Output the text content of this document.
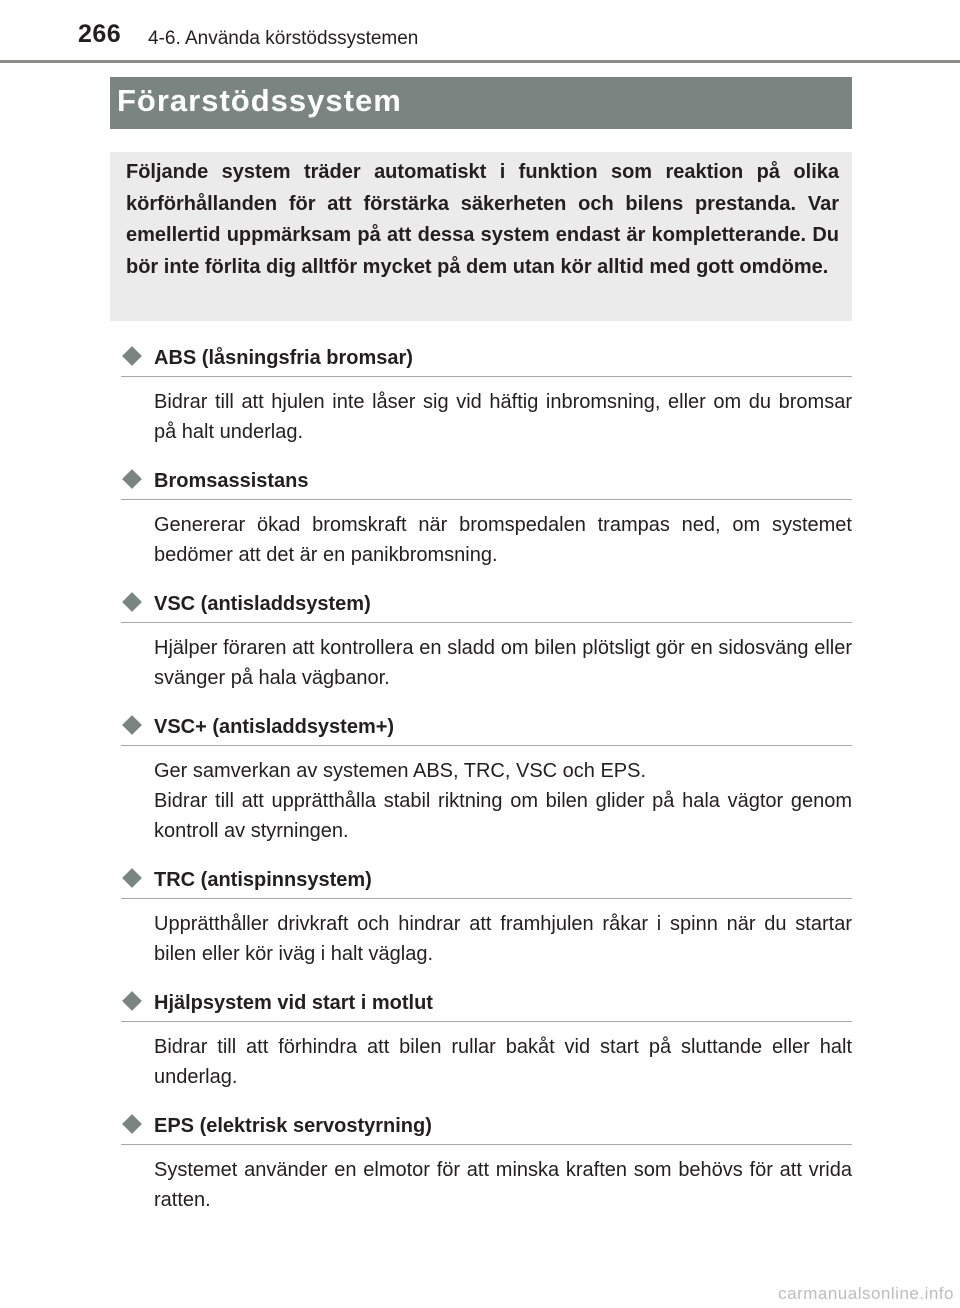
266 4-6. Använda körstödssystemen
Förarstödssystem

Följande system träder automatiskt i funktion som reaktion på olika körförhållanden för att förstärka säkerheten och bilens prestanda. Var emellertid uppmärksam på att dessa system endast är kompletterande. Du bör inte förlita dig alltför mycket på dem utan kör alltid med gott omdöme.

ABS (låsningsfria bromsar)

Bidrar till att hjulen inte låser sig vid häftig inbromsning, eller om du bromsar på halt underlag.

Bromsassistans

Genererar ökad bromskraft när bromspedalen trampas ned, om systemet bedömer att det är en panikbromsning.

VSC (antisladdsystem)

Hjälper föraren att kontrollera en sladd om bilen plötsligt gör en sidosväng eller svänger på hala vägbanor.

VSC+ (antisladdsystem+)

Ger samverkan av systemen ABS, TRC, VSC och EPS.

Bidrar till att upprätthålla stabil riktning om bilen glider på hala vägtor genom kontroll av styrningen.

TRC (antispinnsystem)

Upprätthåller drivkraft och hindrar att framhjulen råkar i spinn när du startar bilen eller kör iväg i halt väglag.

Hjälpsystem vid start i motlut

Bidrar till att förhindra att bilen rullar bakåt vid start på sluttande eller halt underlag.

EPS (elektrisk servostyrning)

Systemet använder en elmotor för att minska kraften som behövs för att vrida ratten.

carmanualsonline.info
